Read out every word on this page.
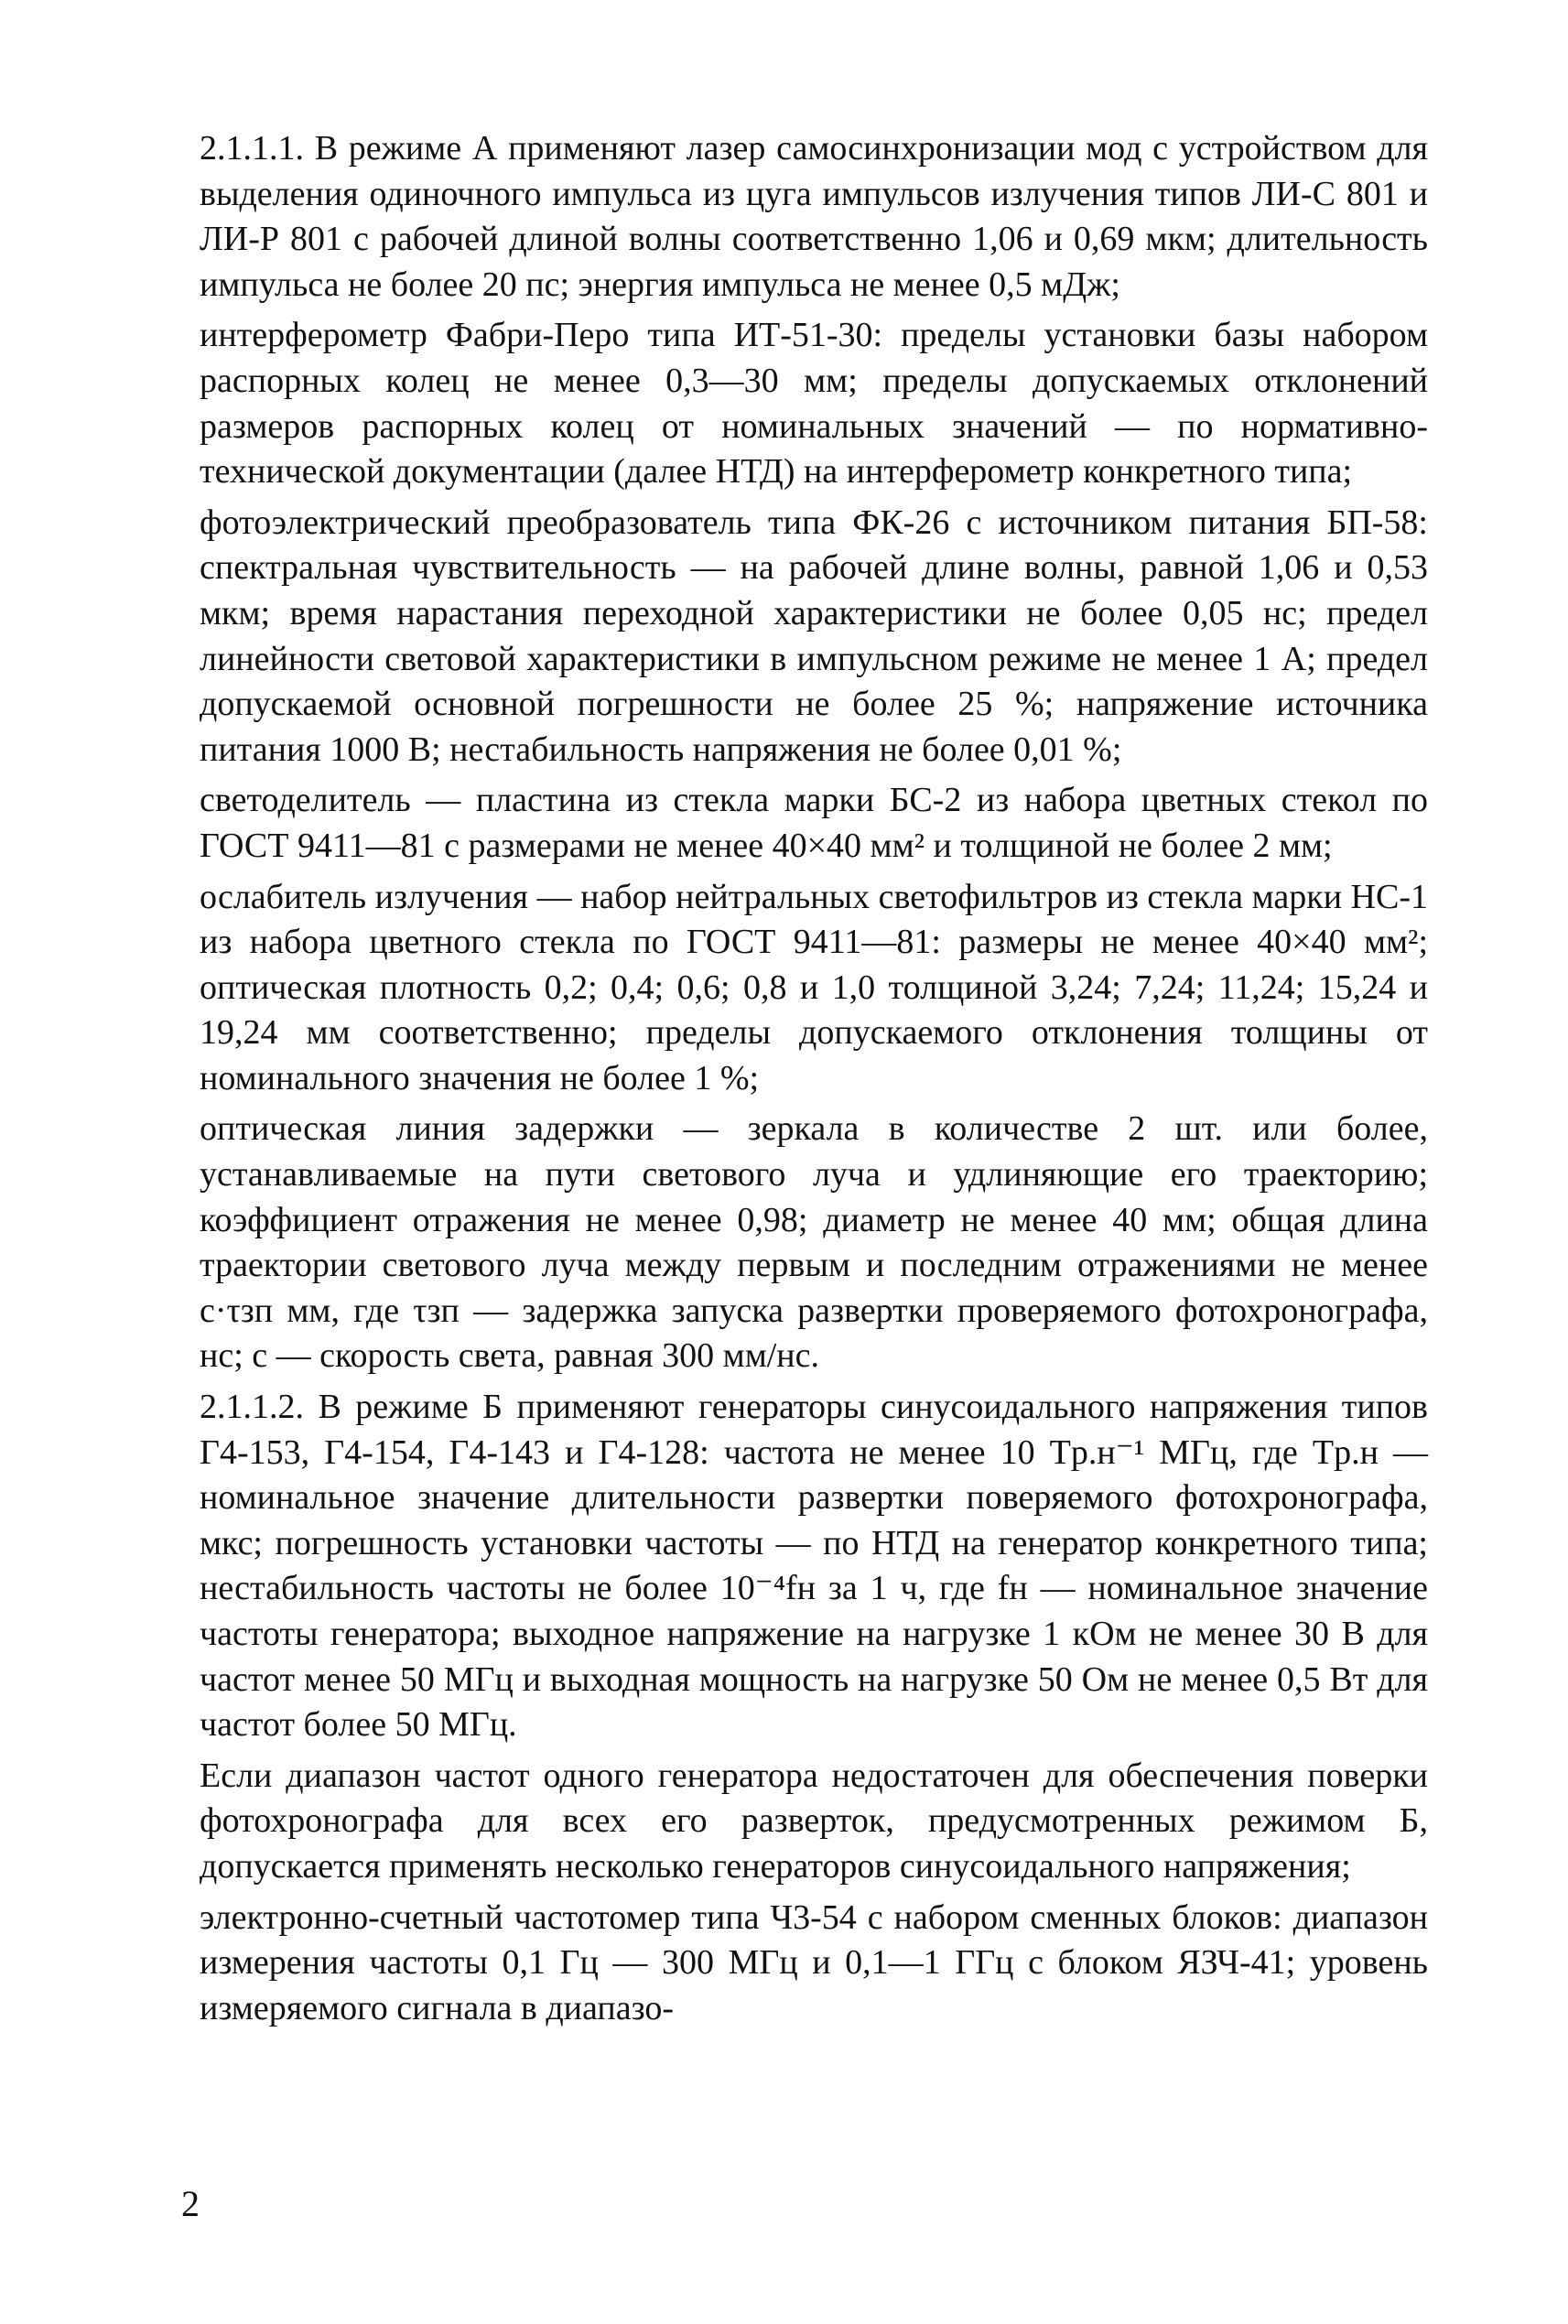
2.1.1.1. В режиме А применяют лазер самосинхронизации мод с устройством для выделения одиночного импульса из цуга импульсов излучения типов ЛИ-С 801 и ЛИ-Р 801 с рабочей длиной волны соответственно 1,06 и 0,69 мкм; длительность импульса не более 20 пс; энергия импульса не менее 0,5 мДж;

интерферометр Фабри-Перо типа ИТ-51-30: пределы установки базы набором распорных колец не менее 0,3—30 мм; пределы допускаемых отклонений размеров распорных колец от номинальных значений — по нормативно-технической документации (далее НТД) на интерферометр конкретного типа;

фотоэлектрический преобразователь типа ФК-26 с источником питания БП-58: спектральная чувствительность — на рабочей длине волны, равной 1,06 и 0,53 мкм; время нарастания переходной характеристики не более 0,05 нс; предел линейности световой характеристики в импульсном режиме не менее 1 А; предел допускаемой основной погрешности не более 25 %; напряжение источника питания 1000 В; нестабильность напряжения не более 0,01 %;

светоделитель — пластина из стекла марки БС-2 из набора цветных стекол по ГОСТ 9411—81 с размерами не менее 40×40 мм² и толщиной не более 2 мм;

ослабитель излучения — набор нейтральных светофильтров из стекла марки НС-1 из набора цветного стекла по ГОСТ 9411—81: размеры не менее 40×40 мм²; оптическая плотность 0,2; 0,4; 0,6; 0,8 и 1,0 толщиной 3,24; 7,24; 11,24; 15,24 и 19,24 мм соответственно; пределы допускаемого отклонения толщины от номинального значения не более 1 %;

оптическая линия задержки — зеркала в количестве 2 шт. или более, устанавливаемые на пути светового луча и удлиняющие его траекторию; коэффициент отражения не менее 0,98; диаметр не менее 40 мм; общая длина траектории светового луча между первым и последним отражениями не менее c·τзп мм, где τзп — задержка запуска развертки проверяемого фотохронографа, нс; c — скорость света, равная 300 мм/нс.

2.1.1.2. В режиме Б применяют генераторы синусоидального напряжения типов Г4-153, Г4-154, Г4-143 и Г4-128: частота не менее 10 Tр.н⁻¹ МГц, где Tр.н — номинальное значение длительности развертки поверяемого фотохронографа, мкс; погрешность установки частоты — по НТД на генератор конкретного типа; нестабильность частоты не более 10⁻⁴fн за 1 ч, где fн — номинальное значение частоты генератора; выходное напряжение на нагрузке 1 кОм не менее 30 В для частот менее 50 МГц и выходная мощность на нагрузке 50 Ом не менее 0,5 Вт для частот более 50 МГц.

Если диапазон частот одного генератора недостаточен для обеспечения поверки фотохронографа для всех его разверток, предусмотренных режимом Б, допускается применять несколько генераторов синусоидального напряжения;

электронно-счетный частотомер типа Ч3-54 с набором сменных блоков: диапазон измерения частоты 0,1 Гц — 300 МГц и 0,1—1 ГГц с блоком ЯЗЧ-41; уровень измеряемого сигнала в диапазо-

2
